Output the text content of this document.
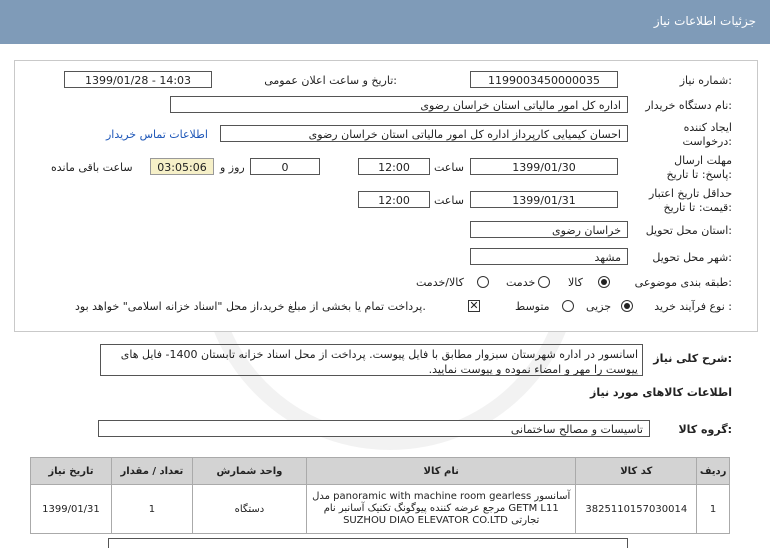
جزئیات اطلاعات نیاز
شماره نیاز:
1199003450000035
تاریخ و ساعت اعلان عمومی:
1399/01/28 - 14:03
نام دستگاه خریدار:
اداره کل امور مالیاتی استان خراسان رضوی
ایجاد کننده درخواست:
احسان کیمیایی کارپرداز اداره کل امور مالیاتی استان خراسان رضوی
اطلاعات تماس خریدار
مهلت ارسال پاسخ: تا تاریخ:
1399/01/30
ساعت
12:00
0
روز و
03:05:06
ساعت باقی مانده
حداقل تاریخ اعتبار قیمت: تا تاریخ:
1399/01/31
ساعت
12:00
استان محل تحویل:
خراسان رضوی
شهر محل تحویل:
مشهد
طبقه بندی موضوعی:
کالا
خدمت
کالا/خدمت
نوع فرآیند خرید :
جزیی
متوسط
✕
پرداخت تمام یا بخشی از مبلغ خرید،از محل "اسناد خزانه اسلامی" خواهد بود.
شرح کلی نیاز:
اسانسور در اداره شهرستان سبزوار مطابق با فایل پیوست. پرداخت از محل اسناد خزانه تابستان 1400- فایل های پیوست را مهر و امضاء نموده و پیوست نمایید.
اطلاعات کالاهای مورد نیاز
گروه کالا:
تاسیسات و مصالح ساختمانی
تاریخ نیاز	تعداد / مقدار	واحد شمارش	نام کالا	کد کالا	ردیف
1399/01/31	1	دستگاه	آسانسور panoramic with machine room gearless مدل GETM L11 مرجع عرضه کننده پیوگونگ تکنیک آسانبر نام تجارتی SUZHOU DIAO ELEVATOR CO.LTD	3825110157030014	1
